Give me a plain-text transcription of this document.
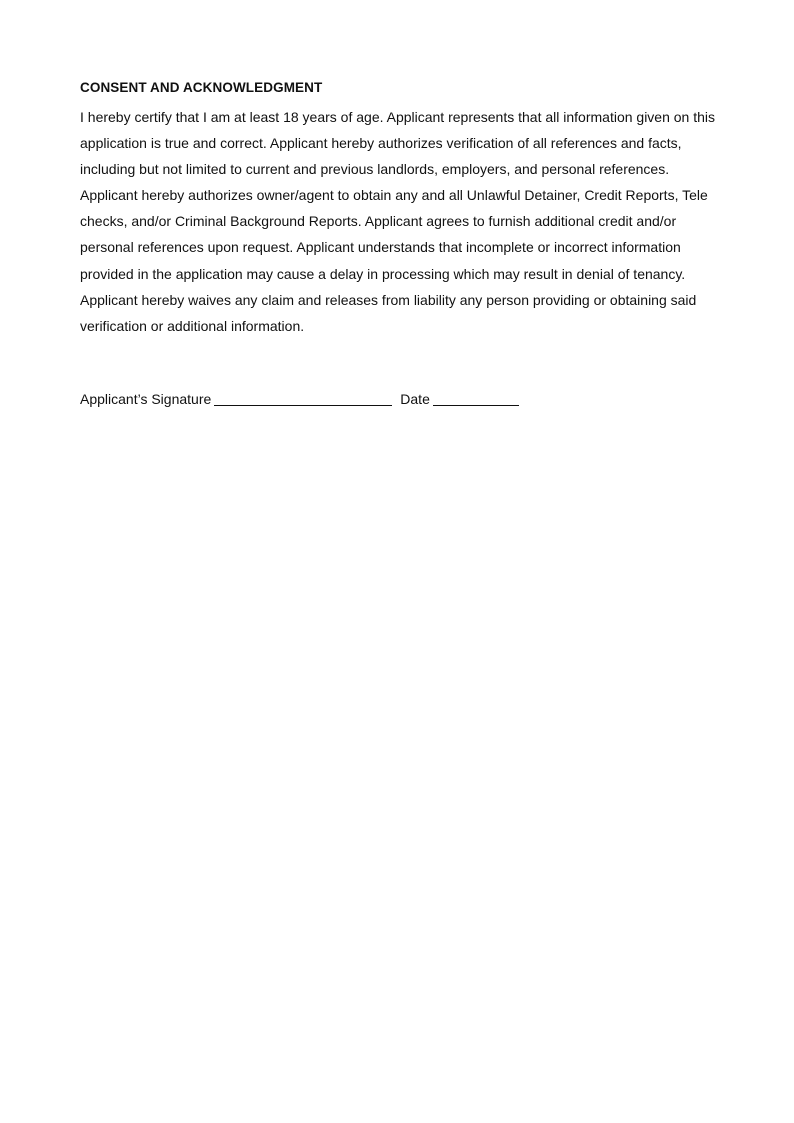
CONSENT AND ACKNOWLEDGMENT

I hereby certify that I am at least 18 years of age. Applicant represents that all information given on this application is true and correct. Applicant hereby authorizes verification of all references and facts, including but not limited to current and previous landlords, employers, and personal references. Applicant hereby authorizes owner/agent to obtain any and all Unlawful Detainer, Credit Reports, Tele checks, and/or Criminal Background Reports. Applicant agrees to furnish additional credit and/or personal references upon request. Applicant understands that incomplete or incorrect information provided in the application may cause a delay in processing which may result in denial of tenancy. Applicant hereby waives any claim and releases from liability any person providing or obtaining said verification or additional information.

Applicant’s Signature	Date
